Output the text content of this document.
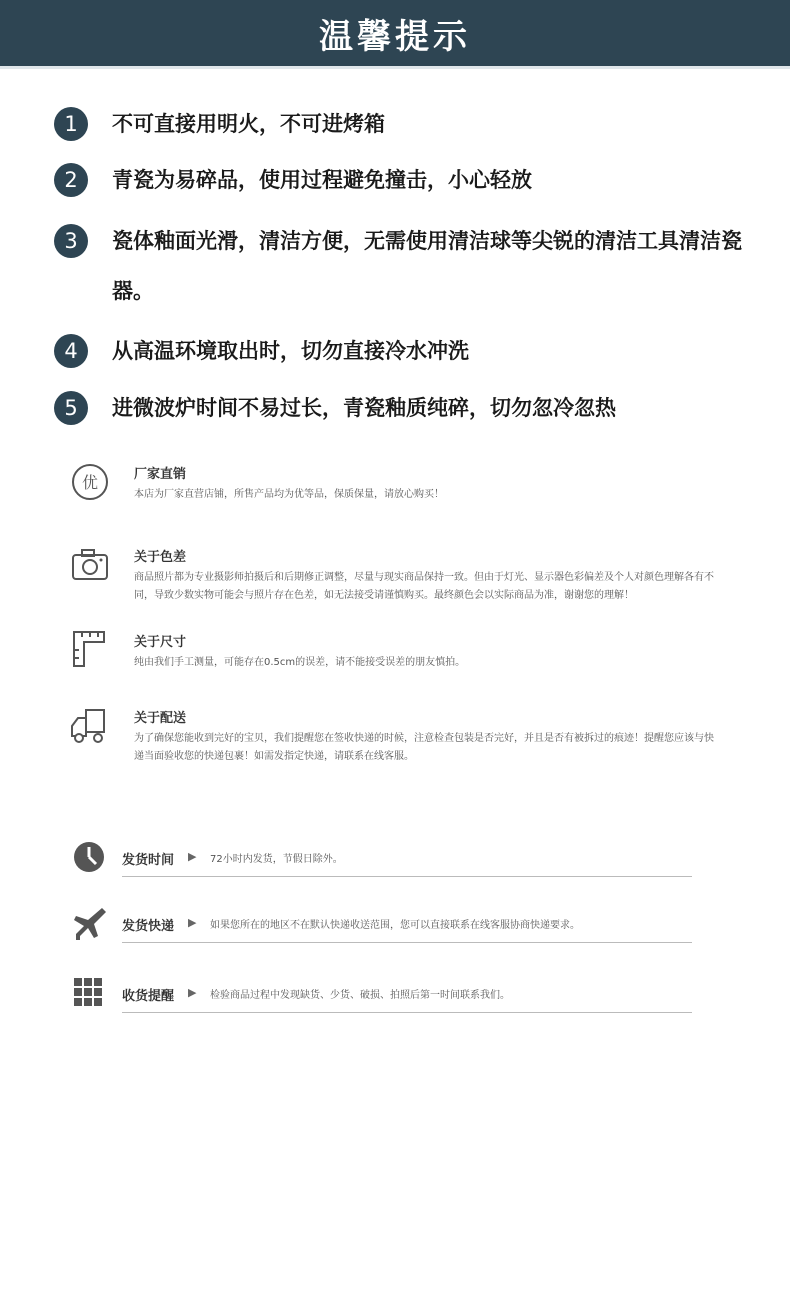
温馨提示
1	不可直接用明火，不可进烤箱
2	青瓷为易碎品，使用过程避免撞击，小心轻放
3	瓷体釉面光滑，清洁方便，无需使用清洁球等尖锐的清洁工具清洁瓷器。
4	从高温环境取出时，切勿直接冷水冲洗
5	进微波炉时间不易过长，青瓷釉质纯碎，切勿忽冷忽热
优	厂家直销
本店为厂家直营店铺，所售产品均为优等品，保质保量，请放心购买！
关于色差
商品照片都为专业摄影师拍摄后和后期修正调整，尽量与现实商品保持一致。但由于灯光、显示器色彩偏差及个人对颜色理解各有不同，导致少数实物可能会与照片存在色差，如无法接受请谨慎购买。最终颜色会以实际商品为准，谢谢您的理解！
关于尺寸
纯由我们手工测量，可能存在0.5cm的误差，请不能接受误差的朋友慎拍。
关于配送
为了确保您能收到完好的宝贝，我们提醒您在签收快递的时候，注意检查包装是否完好，并且是否有被拆过的痕迹！提醒您应该与快递当面验收您的快递包裹！如需发指定快递，请联系在线客服。
发货时间 ▶ 72小时内发货，节假日除外。
发货快递 ▶ 如果您所在的地区不在默认快递收送范围，您可以直接联系在线客服协商快递要求。
收货提醒 ▶ 检验商品过程中发现缺货、少货、破损、拍照后第一时间联系我们。
